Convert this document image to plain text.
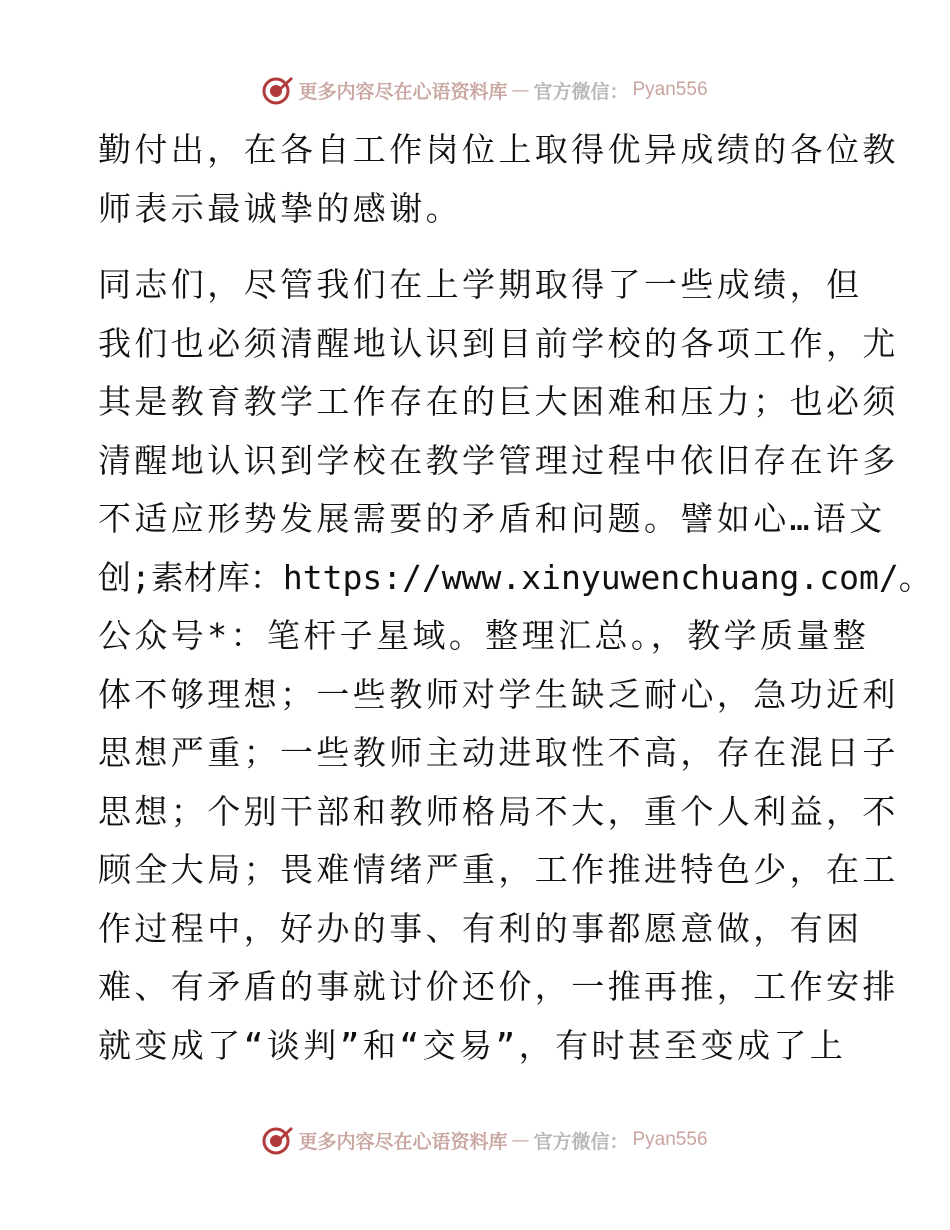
更多内容尽在心语资料库 — 官方微信： Pyan556
勤付出，在各自工作岗位上取得优异成绩的各位教
师表示最诚挚的感谢。
同志们，尽管我们在上学期取得了一些成绩，但
我们也必须清醒地认识到目前学校的各项工作，尤
其是教育教学工作存在的巨大困难和压力；也必须
清醒地认识到学校在教学管理过程中依旧存在许多
不适应形势发展需要的矛盾和问题。譬如心…语文
创;素材库：https://www.xinyuwenchuang.com/。
公众号*：笔杆子星域。整理汇总。，教学质量整
体不够理想；一些教师对学生缺乏耐心，急功近利
思想严重；一些教师主动进取性不高，存在混日子
思想；个别干部和教师格局不大，重个人利益，不
顾全大局；畏难情绪严重，工作推进特色少，在工
作过程中，好办的事、有利的事都愿意做，有困
难、有矛盾的事就讨价还价，一推再推，工作安排
就变成了“谈判”和“交易”，有时甚至变成了上
更多内容尽在心语资料库 — 官方微信： Pyan556
